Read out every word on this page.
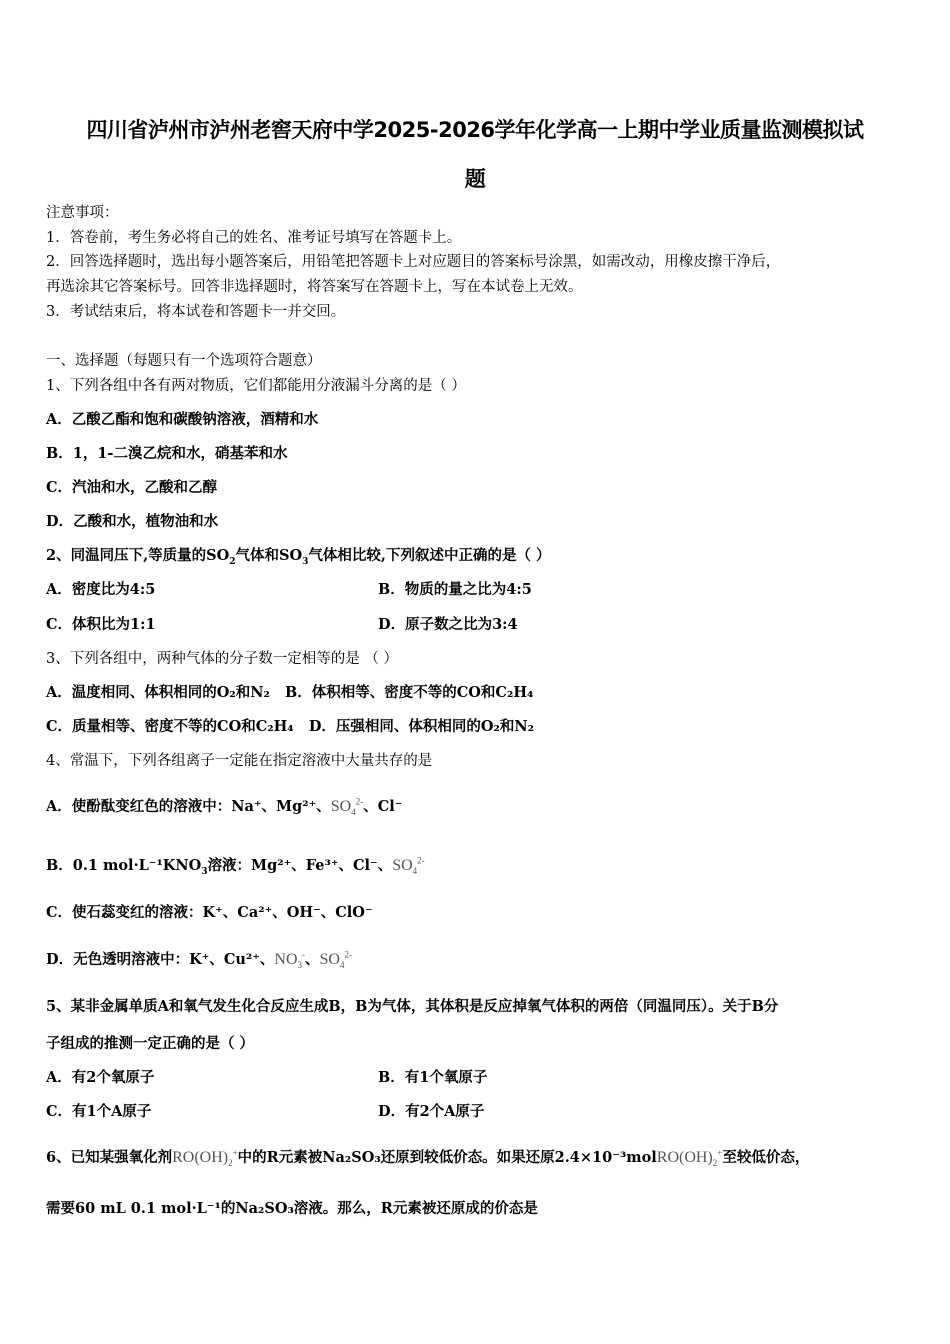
四川省泸州市泸州老窖天府中学2025-2026学年化学高一上期中学业质量监测模拟试
题
注意事项：
1．答卷前，考生务必将自己的姓名、准考证号填写在答题卡上。
2．回答选择题时，选出每小题答案后，用铅笔把答题卡上对应题目的答案标号涂黑，如需改动，用橡皮擦干净后，
再选涂其它答案标号。回答非选择题时，将答案写在答题卡上，写在本试卷上无效。
3．考试结束后，将本试卷和答题卡一并交回。
一、选择题（每题只有一个选项符合题意）
1、下列各组中各有两对物质，它们都能用分液漏斗分离的是（ ）
A．乙酸乙酯和饱和碳酸钠溶液，酒精和水
B．1，1-二溴乙烷和水，硝基苯和水
C．汽油和水，乙酸和乙醇
D．乙酸和水，植物油和水
2、同温同压下,等质量的$SO_2$气体和$SO_3$气体相比较,下列叙述中正确的是（ ）
A．密度比为4:5	B．物质的量之比为4:5
C．体积比为1:1	D．原子数之比为3:4
3、下列各组中，两种气体的分子数一定相等的是 （ ）
A．温度相同、体积相同的O₂和N₂ B．体积相等、密度不等的CO和C₂H₄
C．质量相等、密度不等的CO和C₂H₄ D．压强相同、体积相同的O₂和N₂
4、常温下，下列各组离子一定能在指定溶液中大量共存的是
A．使酚酞变红色的溶液中：Na⁺、Mg²⁺、$SO_4^{2-}$、Cl⁻
B．0.1 $mol\cdot L^{-1}KNO_3$溶液：Mg²⁺、Fe³⁺、Cl⁻、$SO_4^{2-}$
C．使石蕊变红的溶液：K⁺、Ca²⁺、OH⁻、ClO⁻
D．无色透明溶液中：K⁺、Cu²⁺、$NO_3^-$、$SO_4^{2-}$
5、某非金属单质A和氧气发生化合反应生成B，B为气体，其体积是反应掉氧气体积的两倍（同温同压）。关于B分
子组成的推测一定正确的是（ ）
A．有2个氧原子	B．有1个氧原子
C．有1个A原子	D．有2个A原子
6、已知某强氧化剂$RO(OH)_2^+$中的R元素被Na₂SO₃还原到较低价态。如果还原$2.4\times 10^{-3}molRO(OH)_2^+$至较低价态，
需要60 mL 0.1 mol·L⁻¹的Na₂SO₃溶液。那么，R元素被还原成的价态是
